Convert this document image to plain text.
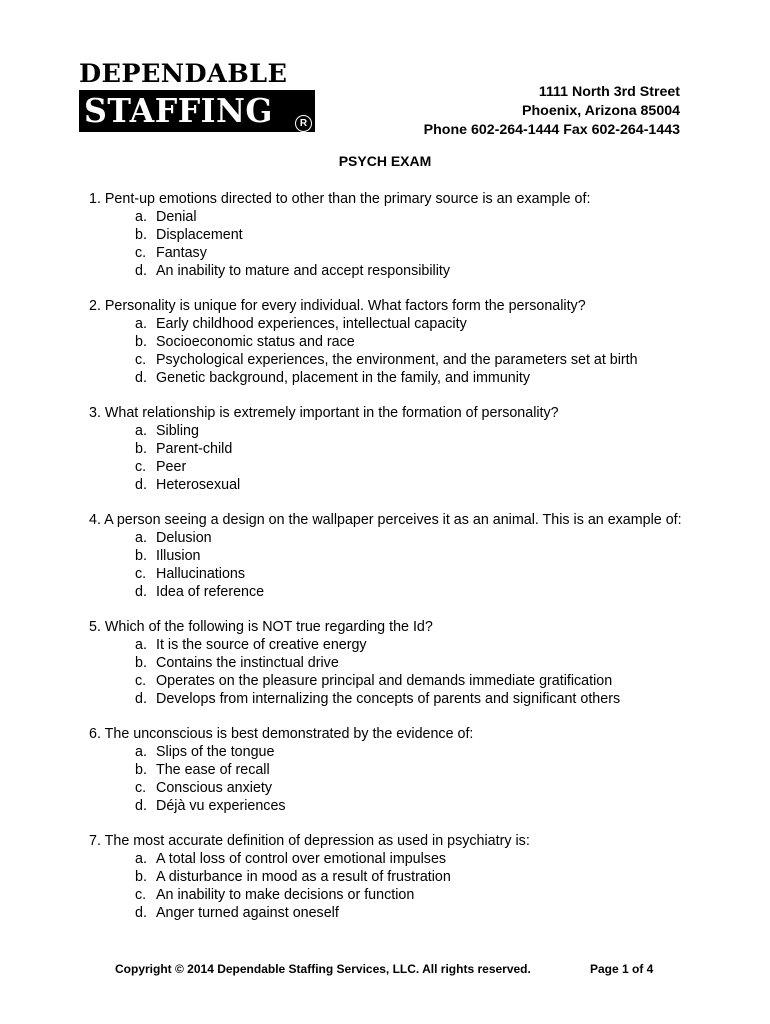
DEPENDABLE
STAFFING	R
1111 North 3rd Street
Phoenix, Arizona 85004
Phone 602-264-1444 Fax 602-264-1443
PSYCH EXAM
1. Pent-up emotions directed to other than the primary source is an example of:
a. Denial
b. Displacement
c. Fantasy
d. An inability to mature and accept responsibility
2. Personality is unique for every individual. What factors form the personality?
a. Early childhood experiences, intellectual capacity
b. Socioeconomic status and race
c. Psychological experiences, the environment, and the parameters set at birth
d. Genetic background, placement in the family, and immunity
3. What relationship is extremely important in the formation of personality?
a. Sibling
b. Parent-child
c. Peer
d. Heterosexual
4. A person seeing a design on the wallpaper perceives it as an animal. This is an example of:
a. Delusion
b. Illusion
c. Hallucinations
d. Idea of reference
5. Which of the following is NOT true regarding the Id?
a. It is the source of creative energy
b. Contains the instinctual drive
c. Operates on the pleasure principal and demands immediate gratification
d. Develops from internalizing the concepts of parents and significant others
6. The unconscious is best demonstrated by the evidence of:
a. Slips of the tongue
b. The ease of recall
c. Conscious anxiety
d. Déjà vu experiences
7. The most accurate definition of depression as used in psychiatry is:
a. A total loss of control over emotional impulses
b. A disturbance in mood as a result of frustration
c. An inability to make decisions or function
d. Anger turned against oneself
Copyright © 2014 Dependable Staffing Services, LLC. All rights reserved.	Page 1 of 4
